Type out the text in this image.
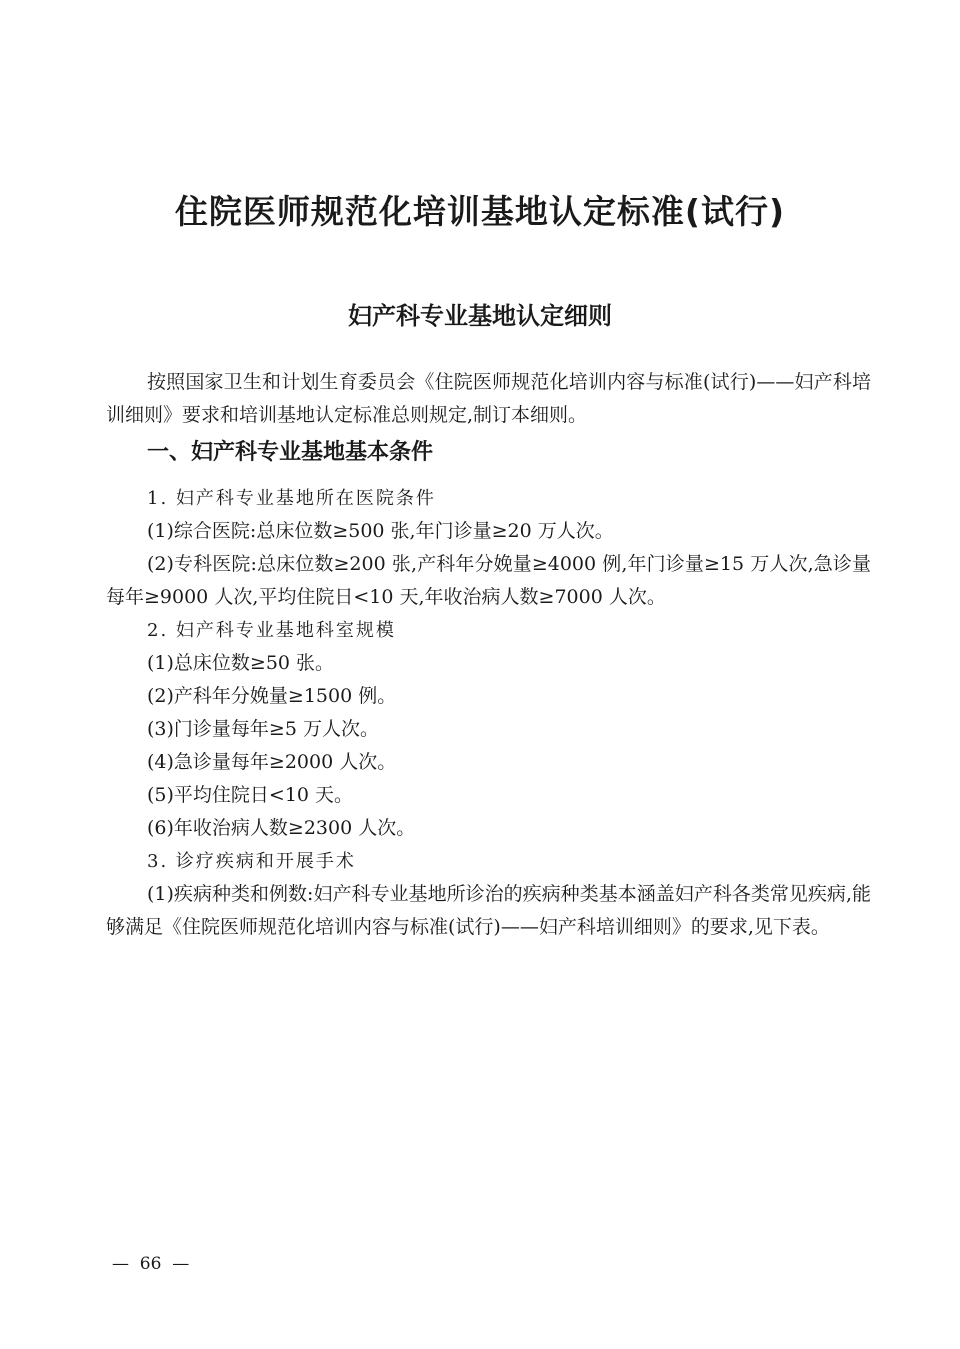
住院医师规范化培训基地认定标准(试行)
妇产科专业基地认定细则

按照国家卫生和计划生育委员会《住院医师规范化培训内容与标准(试行)——妇产科培训细则》要求和培训基地认定标准总则规定,制订本细则。

一、妇产科专业基地基本条件

1. 妇产科专业基地所在医院条件

(1)综合医院:总床位数≥500 张,年门诊量≥20 万人次。

(2)专科医院:总床位数≥200 张,产科年分娩量≥4000 例,年门诊量≥15 万人次,急诊量每年≥9000 人次,平均住院日<10 天,年收治病人数≥7000 人次。

2. 妇产科专业基地科室规模

(1)总床位数≥50 张。

(2)产科年分娩量≥1500 例。

(3)门诊量每年≥5 万人次。

(4)急诊量每年≥2000 人次。

(5)平均住院日<10 天。

(6)年收治病人数≥2300 人次。

3. 诊疗疾病和开展手术

(1)疾病种类和例数:妇产科专业基地所诊治的疾病种类基本涵盖妇产科各类常见疾病,能够满足《住院医师规范化培训内容与标准(试行)——妇产科培训细则》的要求,见下表。

—  66  —
